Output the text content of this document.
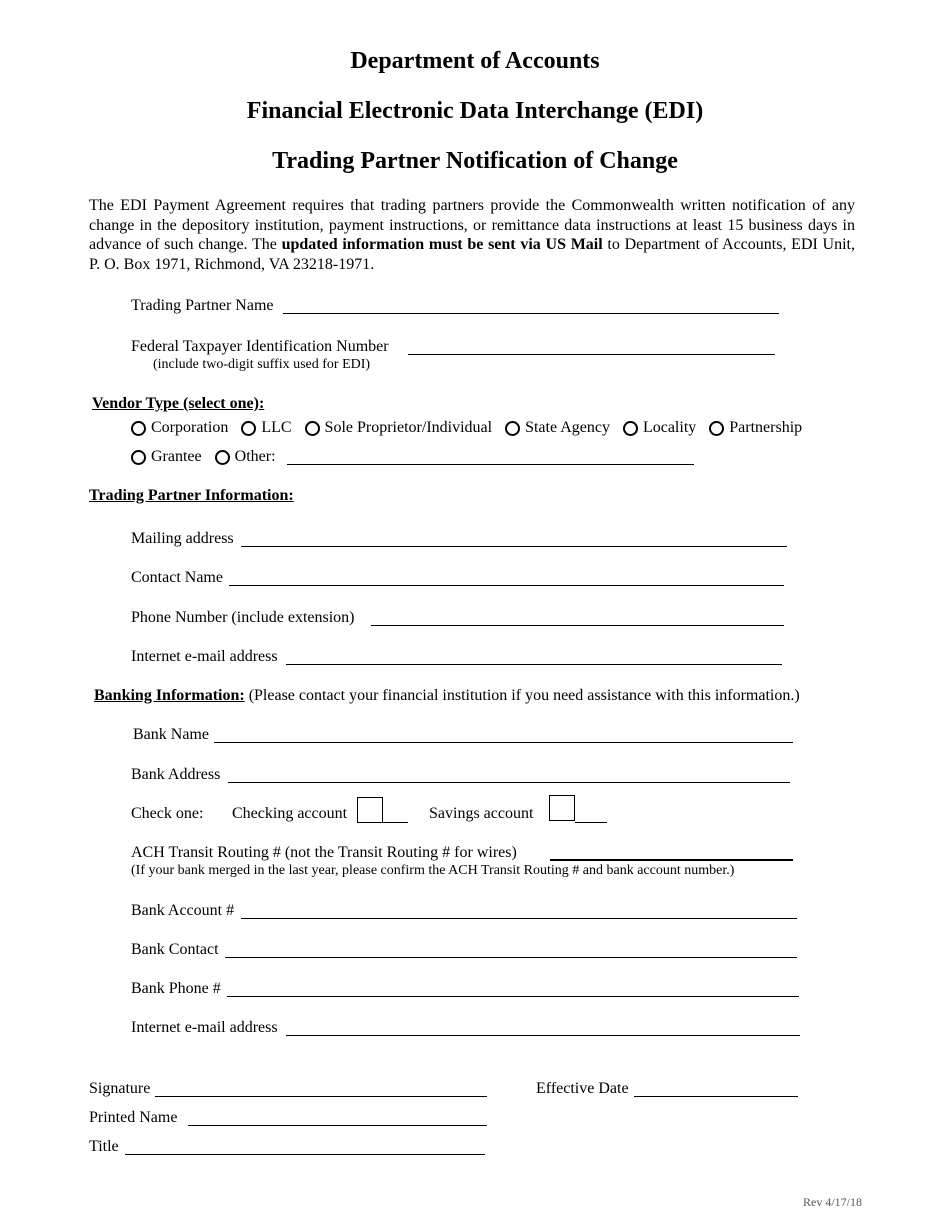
Department of Accounts
Financial Electronic Data Interchange (EDI)
Trading Partner Notification of Change
The EDI Payment Agreement requires that trading partners provide the Commonwealth written notification of any change in the depository institution, payment instructions, or remittance data instructions at least 15 business days in advance of such change. The updated information must be sent via US Mail to Department of Accounts, EDI Unit, P. O. Box 1971, Richmond, VA 23218-1971.
Trading Partner Name
Federal Taxpayer Identification Number
(include two-digit suffix used for EDI)
Vendor Type (select one):
Corporation LLC Sole Proprietor/Individual State Agency Locality Partnership
Grantee Other:
Trading Partner Information:
Mailing address
Contact Name
Phone Number (include extension)
Internet e-mail address
Banking Information: (Please contact your financial institution if you need assistance with this information.)
Bank Name
Bank Address
Check one: Checking account	Savings account
ACH Transit Routing # (not the Transit Routing # for wires)
(If your bank merged in the last year, please confirm the ACH Transit Routing # and bank account number.)
Bank Account #
Bank Contact
Bank Phone #
Internet e-mail address
Signature	Effective Date
Printed Name
Title
Rev 4/17/18
